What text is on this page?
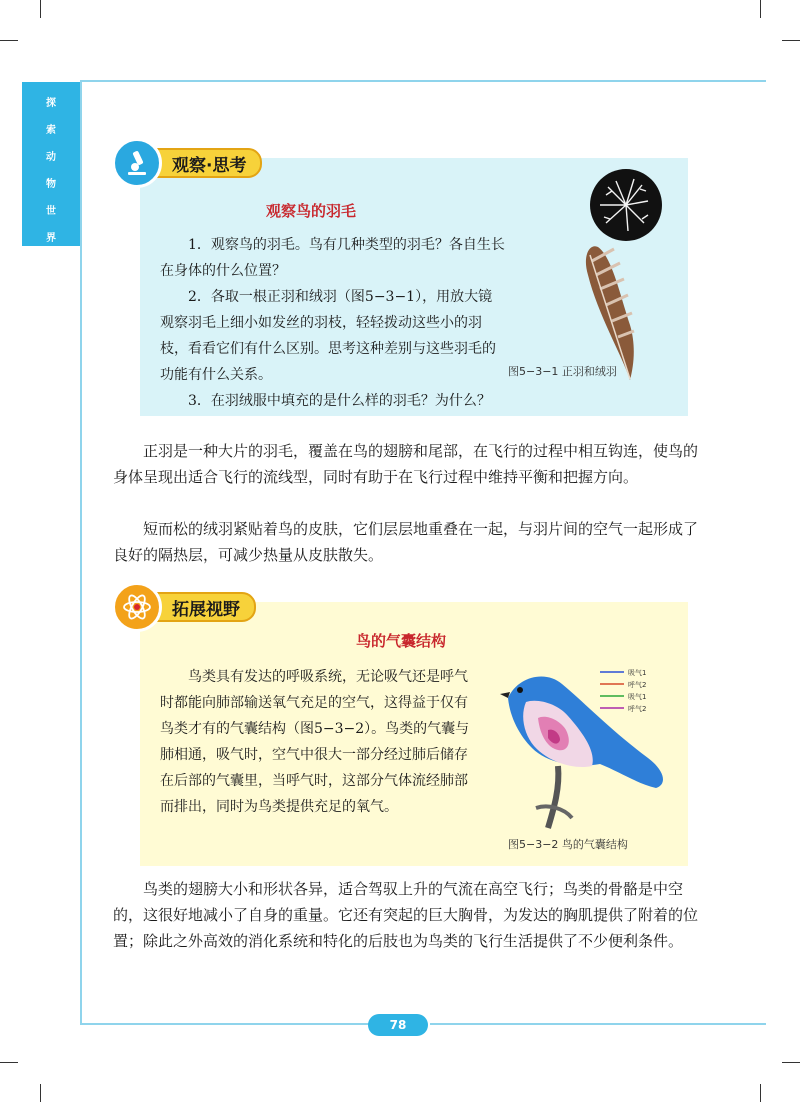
探
索
动
物
世
界
观察·思考
观察鸟的羽毛
1．观察鸟的羽毛。鸟有几种类型的羽毛？各自生长在身体的什么位置？
2．各取一根正羽和绒羽（图5−3−1），用放大镜观察羽毛上细小如发丝的羽枝，轻轻拨动这些小的羽枝，看看它们有什么区别。思考这种差别与这些羽毛的功能有什么关系。
3．在羽绒服中填充的是什么样的羽毛？为什么？
图5−3−1 正羽和绒羽

正羽是一种大片的羽毛，覆盖在鸟的翅膀和尾部，在飞行的过程中相互钩连，使鸟的身体呈现出适合飞行的流线型，同时有助于在飞行过程中维持平衡和把握方向。

短而松的绒羽紧贴着鸟的皮肤，它们层层地重叠在一起，与羽片间的空气一起形成了良好的隔热层，可减少热量从皮肤散失。

拓展视野
鸟的气囊结构

鸟类具有发达的呼吸系统，无论吸气还是呼气时都能向肺部输送氧气充足的空气，这得益于仅有鸟类才有的气囊结构（图5−3−2）。鸟类的气囊与肺相通，吸气时，空气中很大一部分经过肺后储存在后部的气囊里，当呼气时，这部分气体流经肺部而排出，同时为鸟类提供充足的氧气。

吸气1
呼气2
吸气1
呼气2
图5−3−2 鸟的气囊结构

鸟类的翅膀大小和形状各异，适合驾驭上升的气流在高空飞行；鸟类的骨骼是中空的，这很好地减小了自身的重量。它还有突起的巨大胸骨，为发达的胸肌提供了附着的位置；除此之外高效的消化系统和特化的后肢也为鸟类的飞行生活提供了不少便利条件。

78
